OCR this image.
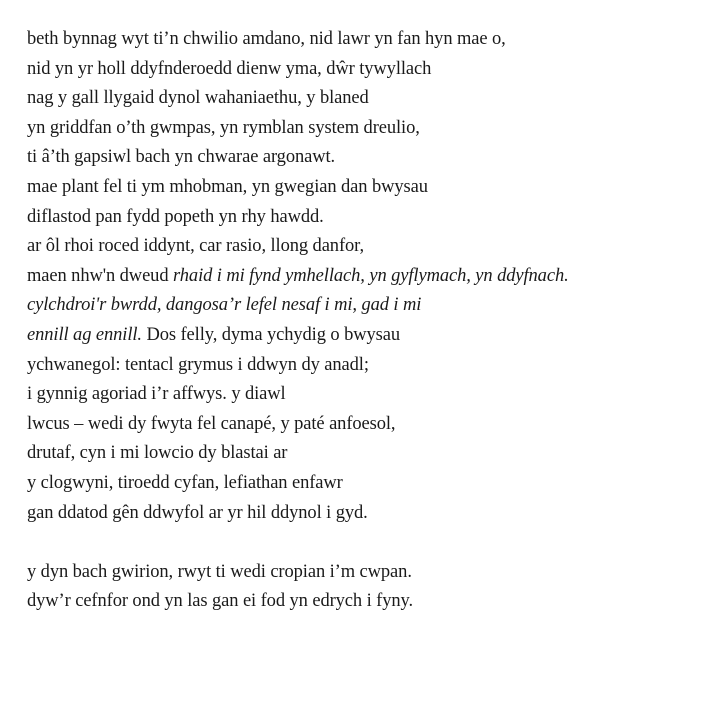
beth bynnag wyt ti’n chwilio amdano, nid lawr yn fan hyn mae o,
nid yn yr holl ddyfnderoedd dienw yma, dŵr tywyllach
nag y gall llygaid dynol wahaniaethu, y blaned
yn griddfan o’th gwmpas, yn rymblan system dreulio,
ti â’th gapsiwl bach yn chwarae argonawt.
mae plant fel ti ym mhobman, yn gwegian dan bwysau
diflastod pan fydd popeth yn rhy hawdd.
ar ôl rhoi roced iddynt, car rasio, llong danfor,
maen nhw'n dweud rhaid i mi fynd ymhellach, yn gyflymach, yn ddyfnach.
cylchdroi'r bwrdd, dangosa’r lefel nesaf i mi, gad i mi
ennill ag ennill. Dos felly, dyma ychydig o bwysau
ychwanegol: tentacl grymus i ddwyn dy anadl;
i gynnig agoriad i’r affwys. y diawl
lwcus – wedi dy fwyta fel canapé, y paté anfoesol,
drutaf, cyn i mi lowcio dy blastai ar
y clogwyni, tiroedd cyfan, lefiathan enfawr
gan ddatod gên ddwyfol ar yr hil ddynol i gyd.
y dyn bach gwirion, rwyt ti wedi cropian i’m cwpan.
dyw’r cefnfor ond yn las gan ei fod yn edrych i fyny.
